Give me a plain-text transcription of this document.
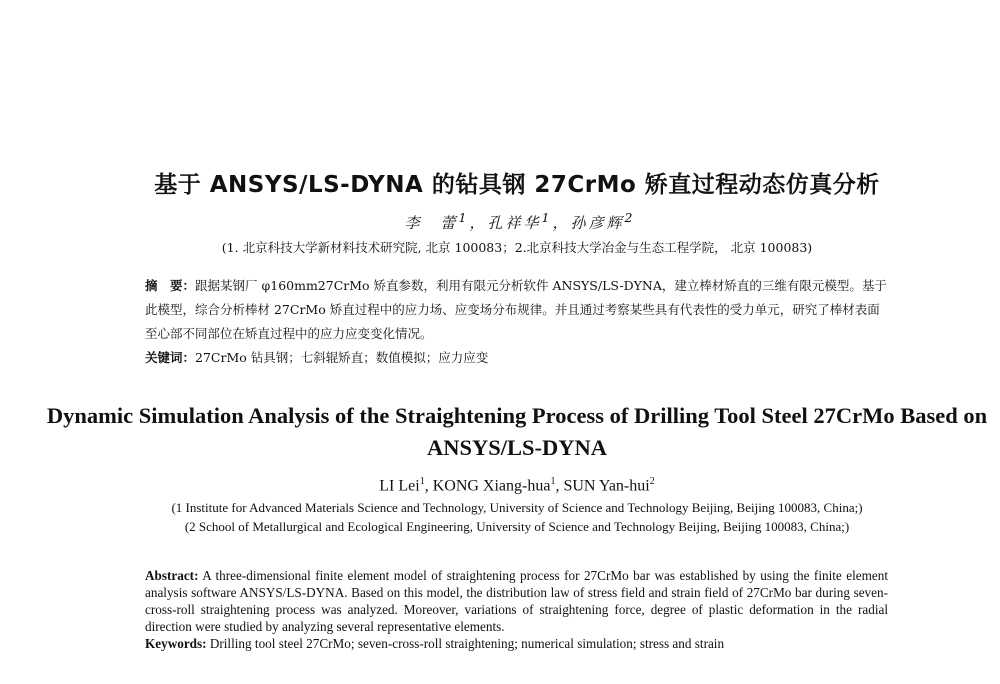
基于 ANSYS/LS-DYNA 的钻具钢 27CrMo 矫直过程动态仿真分析
李　蕾$^1$，孔祥华$^1$，孙彦辉$^2$
(1. 北京科技大学新材料技术研究院, 北京 100083；2.北京科技大学冶金与生态工程学院， 北京 100083)

摘　要：跟据某钢厂 φ160mm27CrMo 矫直参数，利用有限元分析软件 ANSYS/LS-DYNA，建立棒材矫直的三维有限元模型。基于此模型，综合分析棒材 27CrMo 矫直过程中的应力场、应变场分布规律。并且通过考察某些具有代表性的受力单元，研究了棒材表面至心部不同部位在矫直过程中的应力应变变化情况。

关键词：27CrMo 钻具钢；七斜辊矫直；数值模拟；应力应变

Dynamic Simulation Analysis of the Straightening Process of Drilling Tool Steel 27CrMo Based on ANSYS/LS-DYNA
LI Lei$^1$, KONG Xiang-hua$^1$, SUN Yan-hui$^2$

(1 Institute for Advanced Materials Science and Technology, University of Science and Technology Beijing, Beijing 100083, China;)

(2 School of Metallurgical and Ecological Engineering, University of Science and Technology Beijing, Beijing 100083, China;)

Abstract: A three-dimensional finite element model of straightening process for 27CrMo bar was established by using the finite element analysis software ANSYS/LS-DYNA. Based on this model, the distribution law of stress field and strain field of 27CrMo bar during seven-cross-roll straightening process was analyzed. Moreover, variations of straightening force, degree of plastic deformation in the radial direction were studied by analyzing several representative elements.

Keywords: Drilling tool steel 27CrMo; seven-cross-roll straightening; numerical simulation; stress and strain
